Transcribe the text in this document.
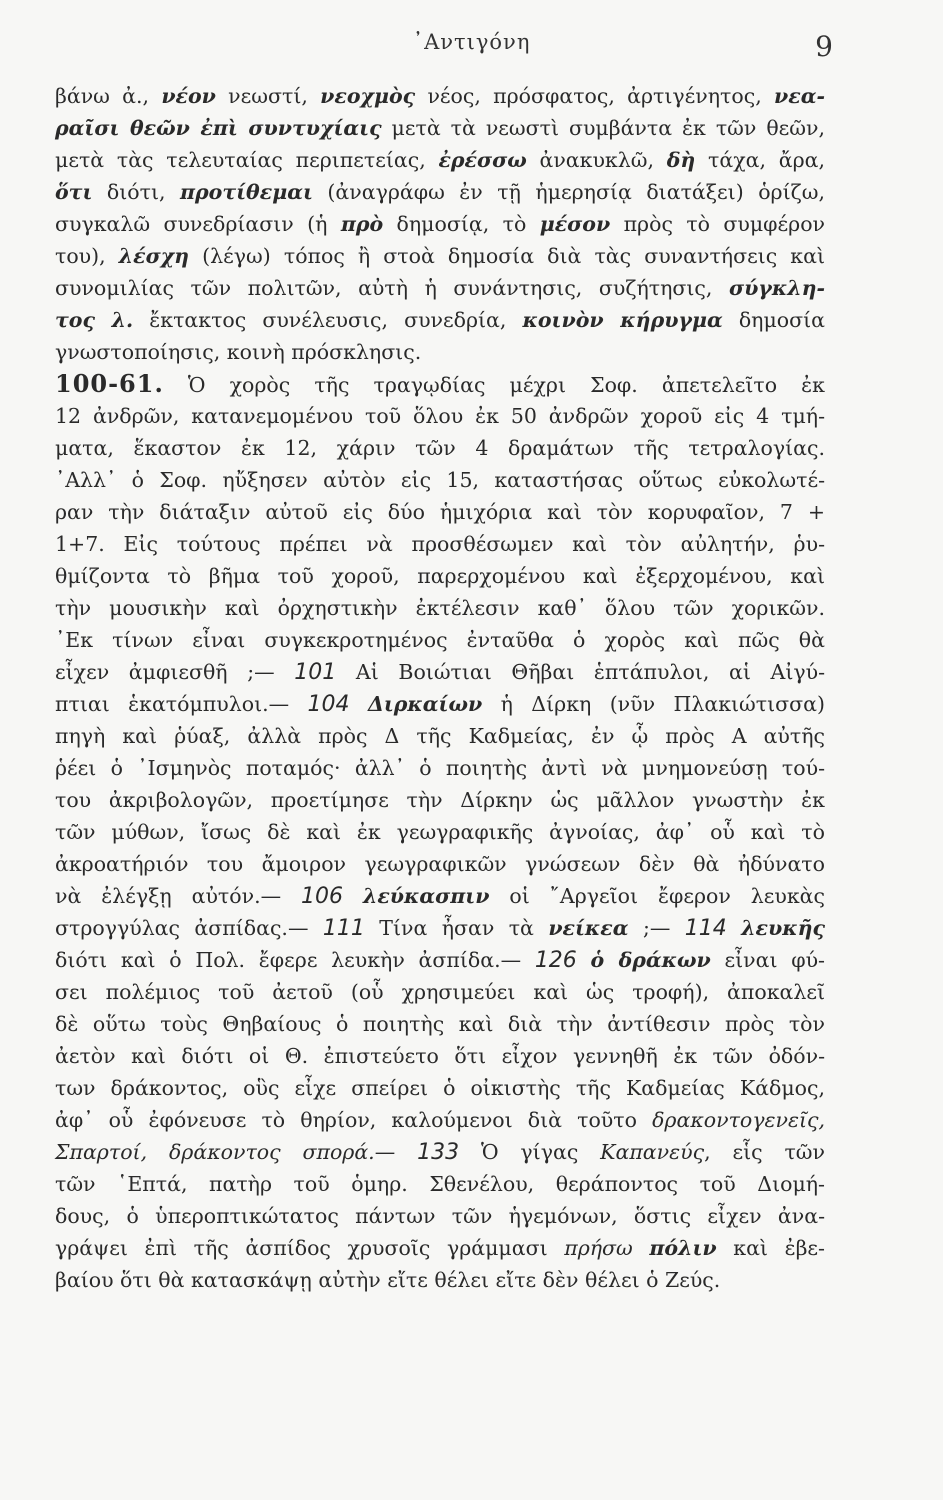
᾿Αντιγόνη	9
βάνω ἀ., νέον νεωστί, νεοχμὸς νέος, πρόσφατος, ἀρτιγένητος, νεα-
ραῖσι θεῶν ἐπὶ συντυχίαις μετὰ τὰ νεωστὶ συμβάντα ἐκ τῶν θεῶν,
μετὰ τὰς τελευταίας περιπετείας, ἐρέσσω ἀνακυκλῶ, δὴ τάχα, ἄρα,
ὅτι διότι, προτίθεμαι (ἀναγράφω ἐν τῇ ἡμερησίᾳ διατάξει) ὁρίζω,
συγκαλῶ συνεδρίασιν (ἡ πρὸ δημοσίᾳ, τὸ μέσον πρὸς τὸ συμφέρον
του), λέσχη (λέγω) τόπος ἢ στοὰ δημοσία διὰ τὰς συναντήσεις καὶ
συνομιλίας τῶν πολιτῶν, αὐτὴ ἡ συνάντησις, συζήτησις, σύγκλη-
τος λ. ἔκτακτος συνέλευσις, συνεδρία, κοινὸν κήρυγμα δημοσία
γνωστοποίησις, κοινὴ πρόσκλησις.
100-61. Ὁ χορὸς τῆς τραγῳδίας μέχρι Σοφ. ἀπετελεῖτο ἐκ
12 ἀνδρῶν, κατανεμομένου τοῦ ὅλου ἐκ 50 ἀνδρῶν χοροῦ εἰς 4 τμή-
ματα, ἕκαστον ἐκ 12, χάριν τῶν 4 δραμάτων τῆς τετραλογίας.
᾿Αλλ᾿ ὁ Σοφ. ηὔξησεν αὐτὸν εἰς 15, καταστήσας οὕτως εὐκολωτέ-
ραν τὴν διάταξιν αὐτοῦ εἰς δύο ἡμιχόρια καὶ τὸν κορυφαῖον, 7 +
1+7. Εἰς τούτους πρέπει νὰ προσθέσωμεν καὶ τὸν αὐλητήν, ῥυ-
θμίζοντα τὸ βῆμα τοῦ χοροῦ, παρερχομένου καὶ ἐξερχομένου, καὶ
τὴν μουσικὴν καὶ ὀρχηστικὴν ἐκτέλεσιν καθ᾿ ὅλου τῶν χορικῶν.
᾿Εκ τίνων εἶναι συγκεκροτημένος ἐνταῦθα ὁ χορὸς καὶ πῶς θὰ
εἶχεν ἀμφιεσθῆ ;— 101 Αἱ Βοιώτιαι Θῆβαι ἑπτάπυλοι, αἱ Αἰγύ-
πτιαι ἑκατόμπυλοι.— 104 Διρκαίων ἡ Δίρκη (νῦν Πλακιώτισσα)
πηγὴ καὶ ῥύαξ, ἀλλὰ πρὸς Δ τῆς Καδμείας, ἐν ᾧ πρὸς Α αὐτῆς
ῥέει ὁ ᾿Ισμηνὸς ποταμός· ἀλλ᾿ ὁ ποιητὴς ἀντὶ νὰ μνημονεύσῃ τού-
του ἀκριβολογῶν, προετίμησε τὴν Δίρκην ὡς μᾶλλον γνωστὴν ἐκ
τῶν μύθων, ἴσως δὲ καὶ ἐκ γεωγραφικῆς ἀγνοίας, ἀφ᾿ οὗ καὶ τὸ
ἀκροατήριόν του ἄμοιρον γεωγραφικῶν γνώσεων δὲν θὰ ἠδύνατο
νὰ ἐλέγξῃ αὐτόν.— 106 λεύκασπιν οἱ ῎Αργεῖοι ἔφερον λευκὰς
στρογγύλας ἀσπίδας.— 111 Τίνα ἦσαν τὰ νείκεα ;— 114 λευκῆς
διότι καὶ ὁ Πολ. ἔφερε λευκὴν ἀσπίδα.— 126 ὁ δράκων εἶναι φύ-
σει πολέμιος τοῦ ἀετοῦ (οὗ χρησιμεύει καὶ ὡς τροφή), ἀποκαλεῖ
δὲ οὕτω τοὺς Θηβαίους ὁ ποιητὴς καὶ διὰ τὴν ἀντίθεσιν πρὸς τὸν
ἀετὸν καὶ διότι οἱ Θ. ἐπιστεύετο ὅτι εἶχον γεννηθῆ ἐκ τῶν ὀδόν-
των δράκοντος, οὓς εἶχε σπείρει ὁ οἰκιστὴς τῆς Καδμείας Κάδμος,
ἀφ᾿ οὗ ἐφόνευσε τὸ θηρίον, καλούμενοι διὰ τοῦτο δρακοντογενεῖς,
Σπαρτοί, δράκοντος σπορά.— 133 Ὁ γίγας Καπανεύς, εἷς τῶν
τῶν ῾Επτά, πατὴρ τοῦ ὁμηρ. Σθενέλου, θεράποντος τοῦ Διομή-
δους, ὁ ὑπεροπτικώτατος πάντων τῶν ἡγεμόνων, ὅστις εἶχεν ἀνα-
γράψει ἐπὶ τῆς ἀσπίδος χρυσοῖς γράμμασι πρήσω πόλιν καὶ ἐβε-
βαίου ὅτι θὰ κατασκάψῃ αὐτὴν εἴτε θέλει εἴτε δὲν θέλει ὁ Ζεύς.
